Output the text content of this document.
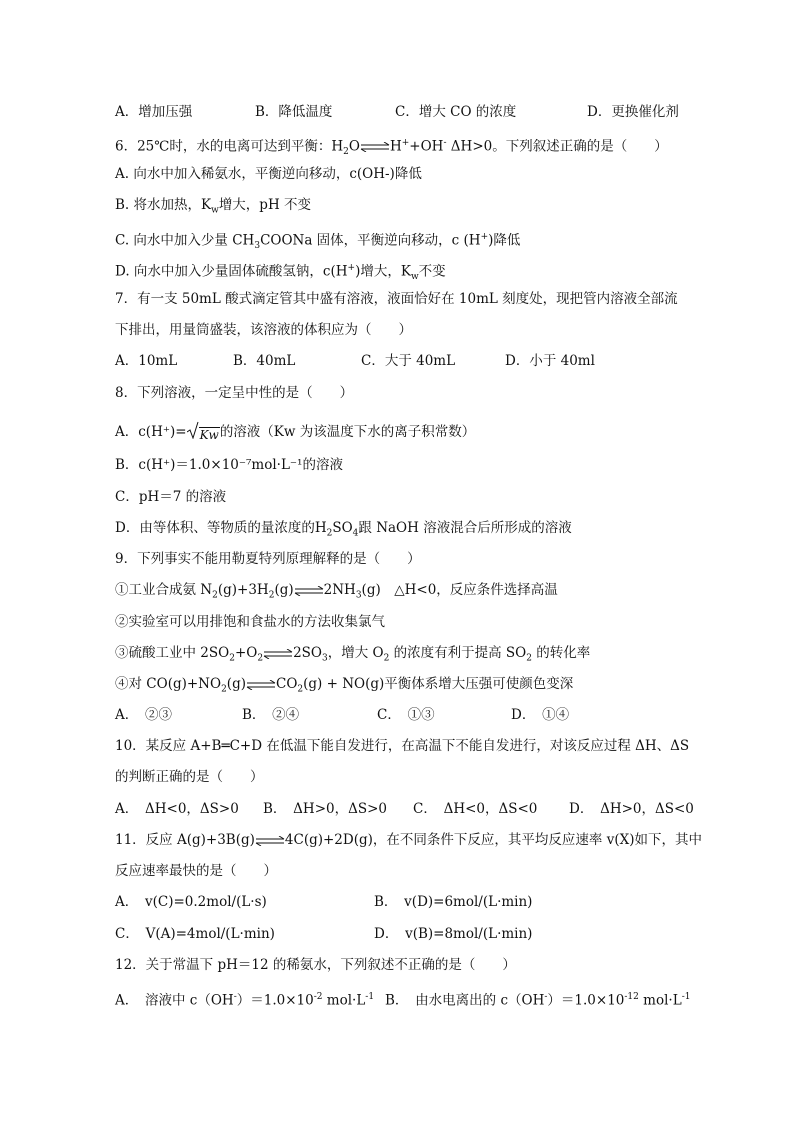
A．增加压强	B．降低温度	C．增大 CO 的浓度	D．更换催化剂
6．25℃时，水的电离可达到平衡：$H_2O\rightleftharpoons H^++OH^-$ ΔH>0。下列叙述正确的是（　　）
A. 向水中加入稀氨水，平衡逆向移动，c(OH-)降低
B. 将水加热，$K_w$增大，pH 不变
C. 向水中加入少量 $CH_3COONa$ 固体，平衡逆向移动，c (H+)降低
D. 向水中加入少量固体硫酸氢钠，c(H+)增大，$K_w$不变
7．有一支 50mL 酸式滴定管其中盛有溶液，液面恰好在 10mL 刻度处，现把管内溶液全部流
下排出，用量筒盛装，该溶液的体积应为（　　）
A．10mL	B．40mL	C．大于 40mL	D．小于 40ml
8．下列溶液，一定呈中性的是（　　）
A．c(H⁺)= Kw的溶液（Kw 为该温度下水的离子积常数）
B．c(H⁺)＝1.0×10⁻⁷mol·L⁻¹的溶液
C．pH＝7 的溶液
D．由等体积、等物质的量浓度的$H_2SO_4$跟 NaOH 溶液混合后所形成的溶液
9．下列事实不能用勒夏特列原理解释的是（　　）
①工业合成氨 $N_2(g)+3H_2(g)\rightleftharpoons 2NH_3(g)$　△H<0，反应条件选择高温
②实验室可以用排饱和食盐水的方法收集氯气
③硫酸工业中 $2SO_2+O_2$ $\rightleftharpoons 2SO_3$，增大 $O_2$ 的浓度有利于提高 $SO_2$ 的转化率
④对 $CO(g)+NO_2(g)\rightleftharpoons CO_2(g) + NO(g)$平衡体系增大压强可使颜色变深
A．　②③	B．　②④	C．　①③	D．　①④
10．某反应 A+B═C+D 在低温下能自发进行，在高温下不能自发进行，对该反应过程 ΔH、ΔS
的判断正确的是（　　）
A．　ΔH<0，ΔS>0 B．　ΔH>0，ΔS>0 C．　ΔH<0，ΔS<0 D．　ΔH>0，ΔS<0
11．反应 A(g)+3B(g)⇌4C(g)+2D(g)，在不同条件下反应，其平均反应速率 v(X)如下，其中
反应速率最快的是（　　）
A．　v(C)=0.2mol/(L·s)	B．　v(D)=6mol/(L·min)
C．　V(A)=4mol/(L·min)	D．　v(B)=8mol/(L·min)
12．关于常温下 pH＝12 的稀氨水，下列叙述不正确的是（　　）
A．　溶液中 $c(OH^-)=1.0\times 10^{-2}$ $mol\cdot L^{-1}$ B．　由水电离出的 $c(OH^-)=1.0\times 10^{-12}$ $mol\cdot L^{-1}$
